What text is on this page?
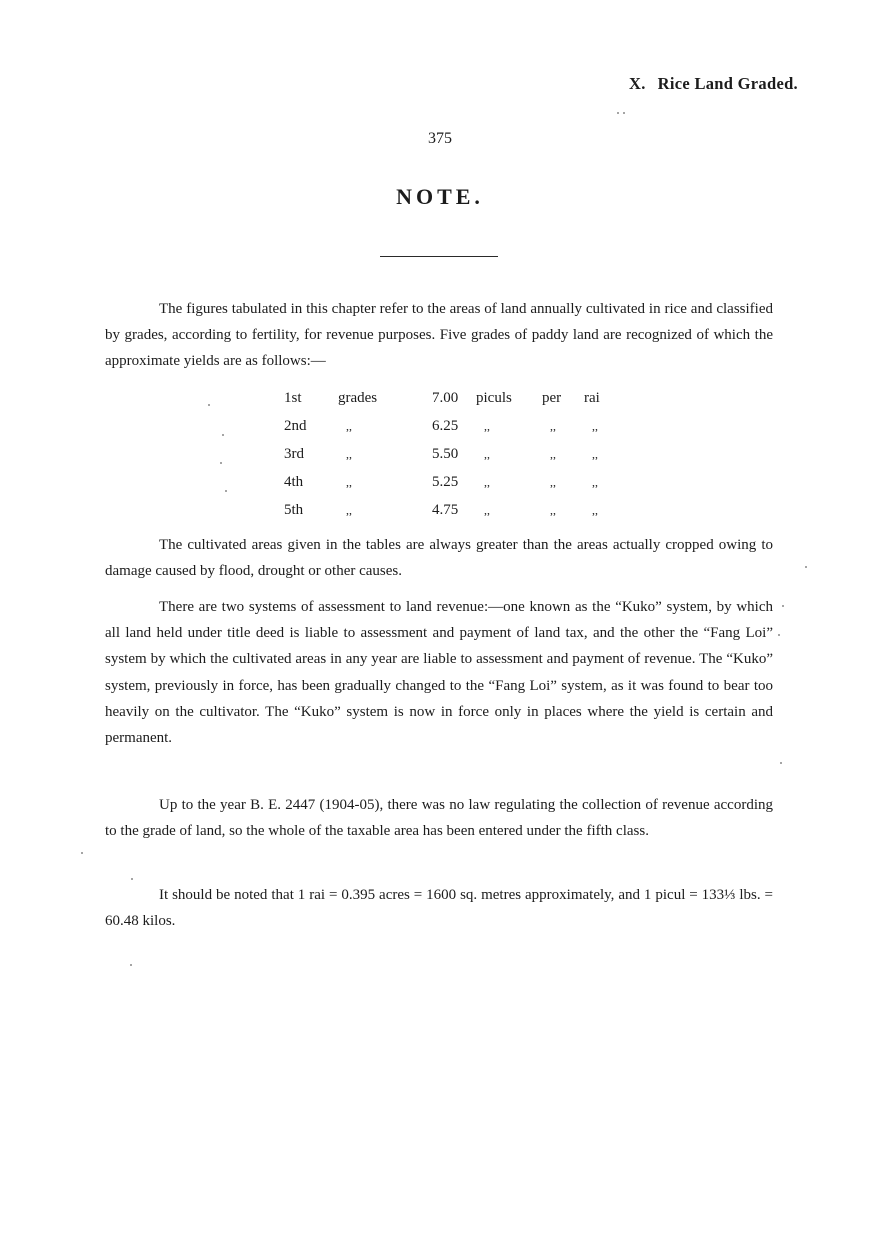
X. Rice Land Graded.
375
NOTE.

The figures tabulated in this chapter refer to the areas of land annually cultivated in rice and classified by grades, according to fertility, for revenue purposes. Five grades of paddy land are recognized of which the approximate yields are as follows:—

1st	grades	7.00	piculs	per	rai
2nd	,,	6.25	,,	,,	,,
3rd	,,	5.50	,,	,,	,,
4th	,,	5.25	,,	,,	,,
5th	,,	4.75	,,	,,	,,

The cultivated areas given in the tables are always greater than the areas actually cropped owing to damage caused by flood, drought or other causes.

There are two systems of assessment to land revenue:—one known as the “Kuko” system, by which all land held under title deed is liable to assessment and payment of land tax, and the other the “Fang Loi” system by which the cultivated areas in any year are liable to assessment and payment of revenue. The “Kuko” system, previously in force, has been gradually changed to the “Fang Loi” system, as it was found to bear too heavily on the cultivator. The “Kuko” system is now in force only in places where the yield is certain and permanent.

Up to the year B. E. 2447 (1904-05), there was no law regulating the collection of revenue according to the grade of land, so the whole of the taxable area has been entered under the fifth class.

It should be noted that 1 rai = 0.395 acres = 1600 sq. metres approximately, and 1 picul = 133⅓ lbs. = 60.48 kilos.
